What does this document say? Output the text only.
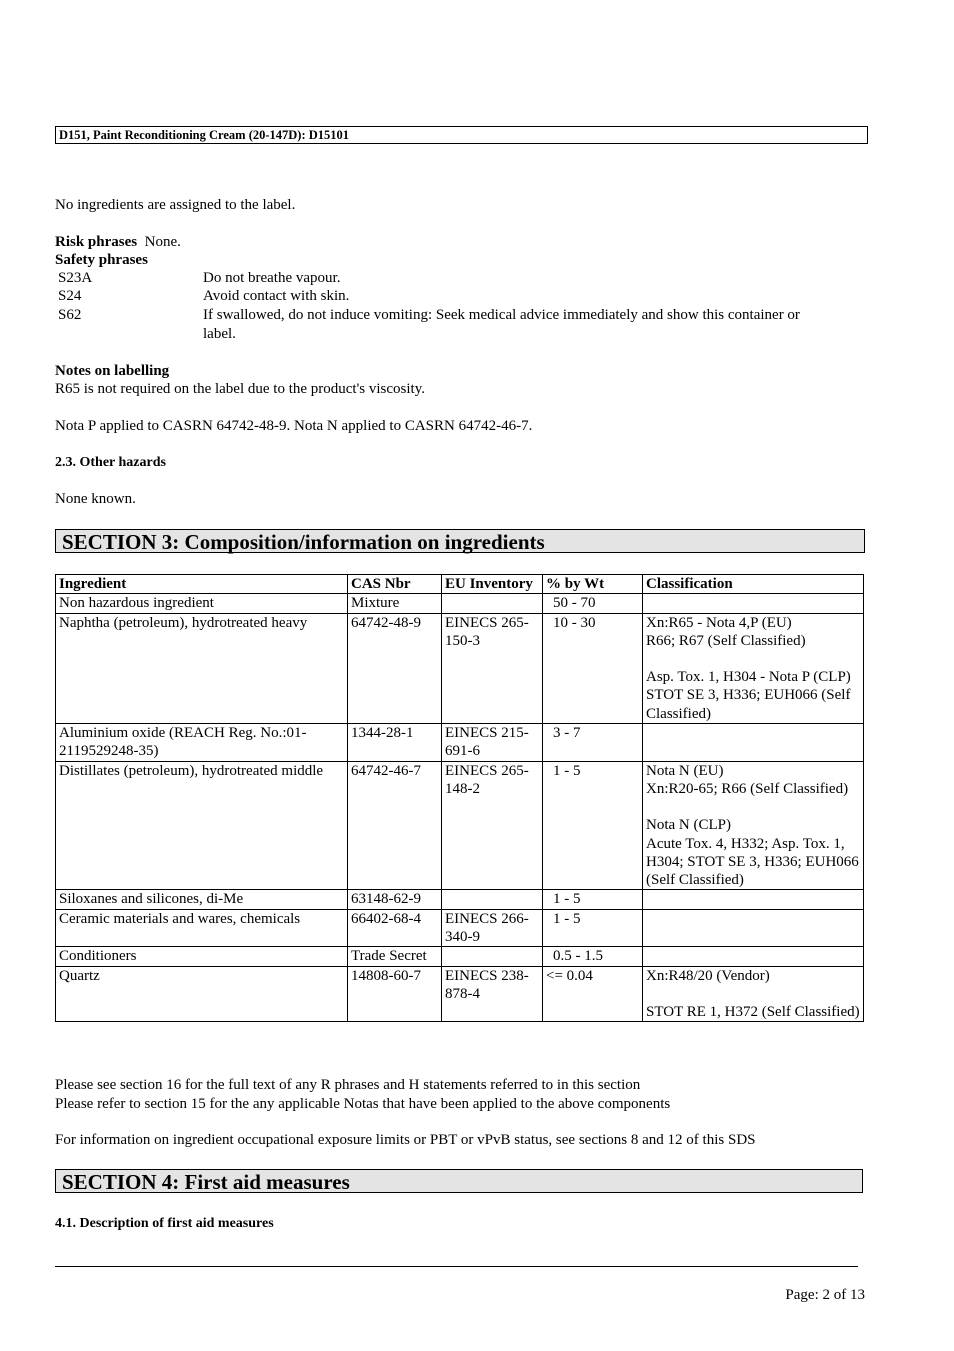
D151, Paint Reconditioning Cream (20-147D): D15101
No ingredients are assigned to the label.
Risk phrases None.
Safety phrases
S23A	Do not breathe vapour.
S24	Avoid contact with skin.
S62	If swallowed, do not induce vomiting: Seek medical advice immediately and show this container or
label.
Notes on labelling
R65 is not required on the label due to the product's viscosity.
Nota P applied to CASRN 64742-48-9. Nota N applied to CASRN 64742-46-7.
2.3. Other hazards
None known.
SECTION 3: Composition/information on ingredients
Ingredient	CAS Nbr	EU Inventory	% by Wt	Classification
Non hazardous ingredient	Mixture		50 - 70	
Naphtha (petroleum), hydrotreated heavy	64742-48-9	EINECS 265-150-3	10 - 30	Xn:R65 - Nota 4,P (EU)
R66; R67 (Self Classified)
Asp. Tox. 1, H304 - Nota P (CLP)
STOT SE 3, H336; EUH066 (Self Classified)

Aluminium oxide (REACH Reg. No.:01-2119529248-35)	1344-28-1	EINECS 215-691-6	3 - 7	
Distillates (petroleum), hydrotreated middle	64742-46-7	EINECS 265-148-2	1 - 5	Nota N (EU)
Xn:R20-65; R66 (Self Classified)
Nota N (CLP)
Acute Tox. 4, H332; Asp. Tox. 1, H304; STOT SE 3, H336; EUH066 (Self Classified)

Siloxanes and silicones, di-Me	63148-62-9		1 - 5	
Ceramic materials and wares, chemicals	66402-68-4	EINECS 266-340-9	1 - 5	
Conditioners	Trade Secret		0.5 - 1.5	
Quartz	14808-60-7	EINECS 238-878-4	<= 0.04	Xn:R48/20 (Vendor)
STOT RE 1, H372 (Self Classified)
Please see section 16 for the full text of any R phrases and H statements referred to in this section
Please refer to section 15 for the any applicable Notas that have been applied to the above components
For information on ingredient occupational exposure limits or PBT or vPvB status, see sections 8 and 12 of this SDS
SECTION 4: First aid measures
4.1. Description of first aid measures
Page: 2 of 13
